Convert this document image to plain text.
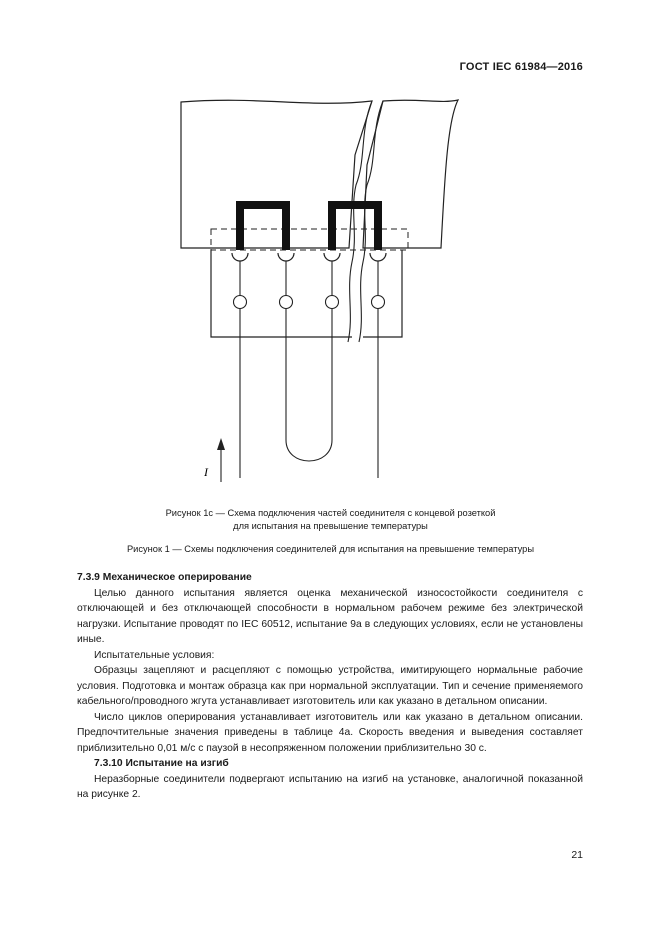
ГОСТ IEC 61984—2016
I
Рисунок 1с — Схема подключения частей соединителя с концевой розеткой
для испытания на превышение температуры
Рисунок 1 — Схемы подключения соединителей для испытания на превышение температуры

7.3.9 Механическое оперирование

Целью данного испытания является оценка механической износостойкости соединителя с отключающей и без отключающей способности в нормальном рабочем режиме без электрической нагрузки. Испытание проводят по IEC 60512, испытание 9а в следующих условиях, если не установлены иные.

Испытательные условия:

Образцы зацепляют и расцепляют с помощью устройства, имитирующего нормальные рабочие условия. Подготовка и монтаж образца как при нормальной эксплуатации. Тип и сечение применяемого кабельного/проводного жгута устанавливает изготовитель или как указано в детальном описании.

Число циклов оперирования устанавливает изготовитель или как указано в детальном описании. Предпочтительные значения приведены в таблице 4а. Скорость введения и выведения составляет приблизительно 0,01 м/с с паузой в несопряженном положении приблизительно 30 с.

7.3.10 Испытание на изгиб

Неразборные соединители подвергают испытанию на изгиб на установке, аналогичной показанной на рисунке 2.

21
